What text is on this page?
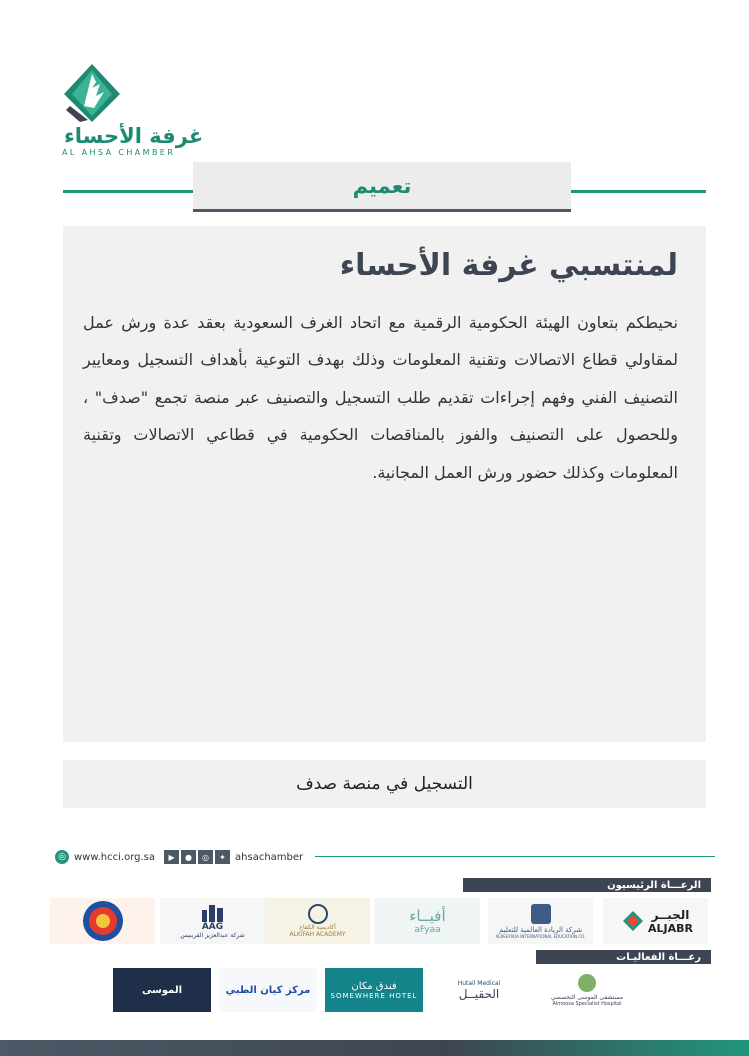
غرفة الأحساء
AL AHSA CHAMBER
تعميم
لمنتسبي غرفة الأحساء
نحيطكم بتعاون الهيئة الحكومية الرقمية مع اتحاد الغرف السعودية بعقد عدة ورش عمل لمقاولي قطاع الاتصالات وتقنية المعلومات وذلك بهدف التوعية بأهداف التسجيل ومعايير التصنيف الفني وفهم إجراءات تقديم طلب التسجيل والتصنيف عبر منصة تجمع "صدف" ، وللحصول على التصنيف والفوز بالمناقصات الحكومية في قطاعي الاتصالات وتقنية المعلومات وكذلك حضور ورش العمل المجانية.
التسجيل في منصة صدف
◎ www.hcci.org.sa	▶	●	◎	✦ ahsachamber
الرعـــاة الرئيسيون
الجبــر
ALJABR
شركة الريادة العالمية للتعليم
ALREEYADA INTERNATIONAL EDUCATION CO.
أفيــاء
aFyaa
أكاديمية الكفاح
ALKIFAH ACADEMY
AAG
شركة عبدالعزيز القرينيس
رعـــاة الفعاليـات
مستشفى الموسى التخصصي
Almoosa Specialist Hospital
Hutail Medical
الحقيــل
فندق مكان
SOMEWHERE HOTEL
مركز كيان الطبي
الموسى
